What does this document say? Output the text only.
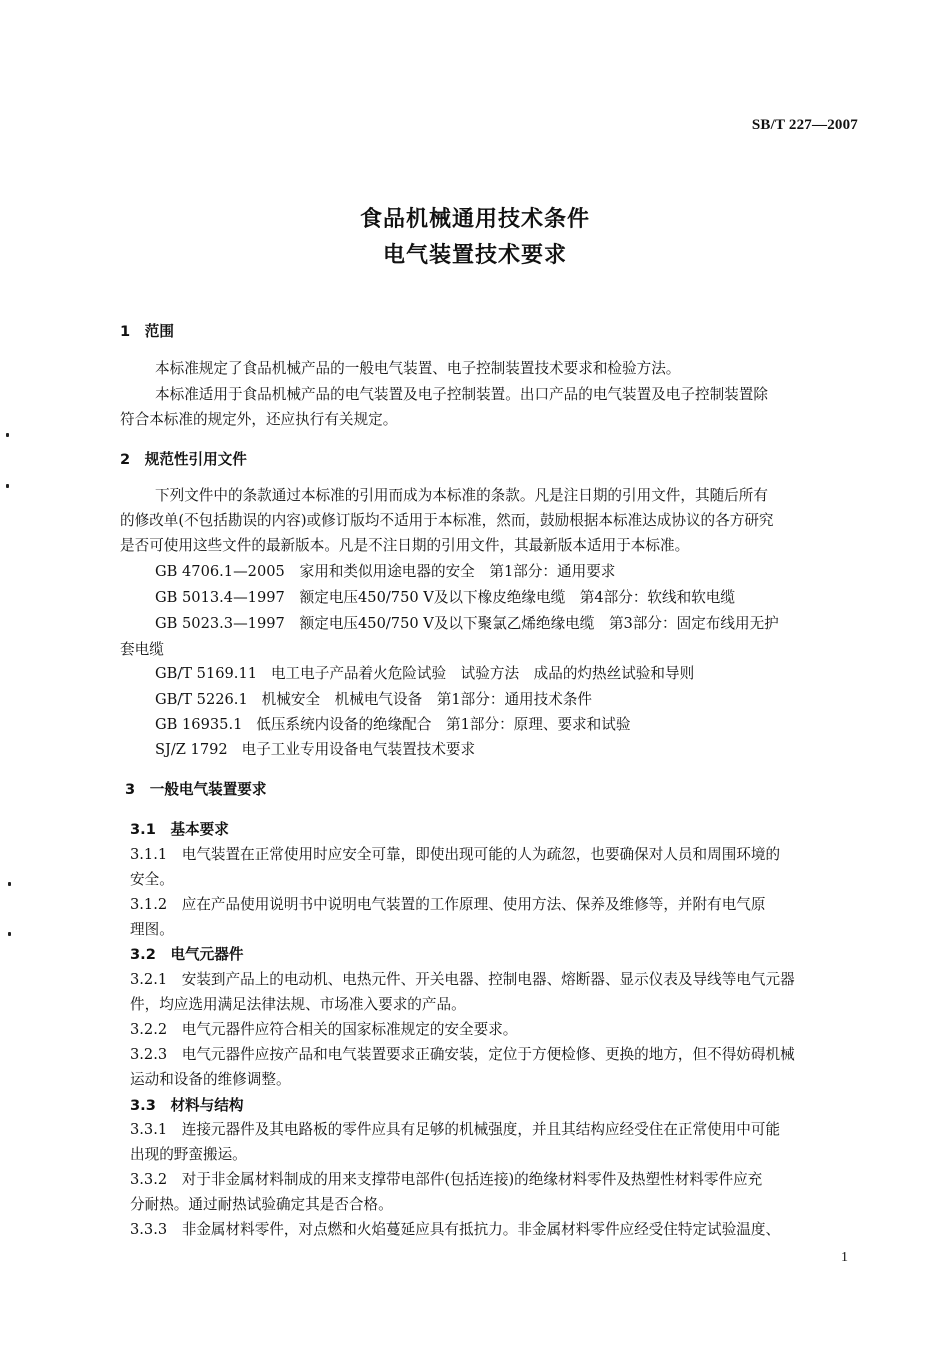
SB/T 227—2007
食品机械通用技术条件
电气装置技术要求
1　范围
本标准规定了食品机械产品的一般电气装置、电子控制装置技术要求和检验方法。
本标准适用于食品机械产品的电气装置及电子控制装置。出口产品的电气装置及电子控制装置除
符合本标准的规定外，还应执行有关规定。
2　规范性引用文件
下列文件中的条款通过本标准的引用而成为本标准的条款。凡是注日期的引用文件，其随后所有
的修改单(不包括勘误的内容)或修订版均不适用于本标准，然而，鼓励根据本标准达成协议的各方研究
是否可使用这些文件的最新版本。凡是不注日期的引用文件，其最新版本适用于本标准。
GB 4706.1—2005 家用和类似用途电器的安全　第1部分：通用要求
GB 5013.4—1997 额定电压450/750 V及以下橡皮绝缘电缆　第4部分：软线和软电缆
GB 5023.3—1997 额定电压450/750 V及以下聚氯乙烯绝缘电缆　第3部分：固定布线用无护
套电缆
GB/T 5169.11 电工电子产品着火危险试验　试验方法　成品的灼热丝试验和导则
GB/T 5226.1 机械安全　机械电气设备　第1部分：通用技术条件
GB 16935.1 低压系统内设备的绝缘配合　第1部分：原理、要求和试验
SJ/Z 1792 电子工业专用设备电气装置技术要求
3　一般电气装置要求
3.1　基本要求
3.1.1　电气装置在正常使用时应安全可靠，即使出现可能的人为疏忽，也要确保对人员和周围环境的
安全。
3.1.2　应在产品使用说明书中说明电气装置的工作原理、使用方法、保养及维修等，并附有电气原
理图。
3.2　电气元器件
3.2.1　安装到产品上的电动机、电热元件、开关电器、控制电器、熔断器、显示仪表及导线等电气元器
件，均应选用满足法律法规、市场准入要求的产品。
3.2.2　电气元器件应符合相关的国家标准规定的安全要求。
3.2.3　电气元器件应按产品和电气装置要求正确安装，定位于方便检修、更换的地方，但不得妨碍机械
运动和设备的维修调整。
3.3　材料与结构
3.3.1　连接元器件及其电路板的零件应具有足够的机械强度，并且其结构应经受住在正常使用中可能
出现的野蛮搬运。
3.3.2　对于非金属材料制成的用来支撑带电部件(包括连接)的绝缘材料零件及热塑性材料零件应充
分耐热。通过耐热试验确定其是否合格。
3.3.3　非金属材料零件，对点燃和火焰蔓延应具有抵抗力。非金属材料零件应经受住特定试验温度、
1
